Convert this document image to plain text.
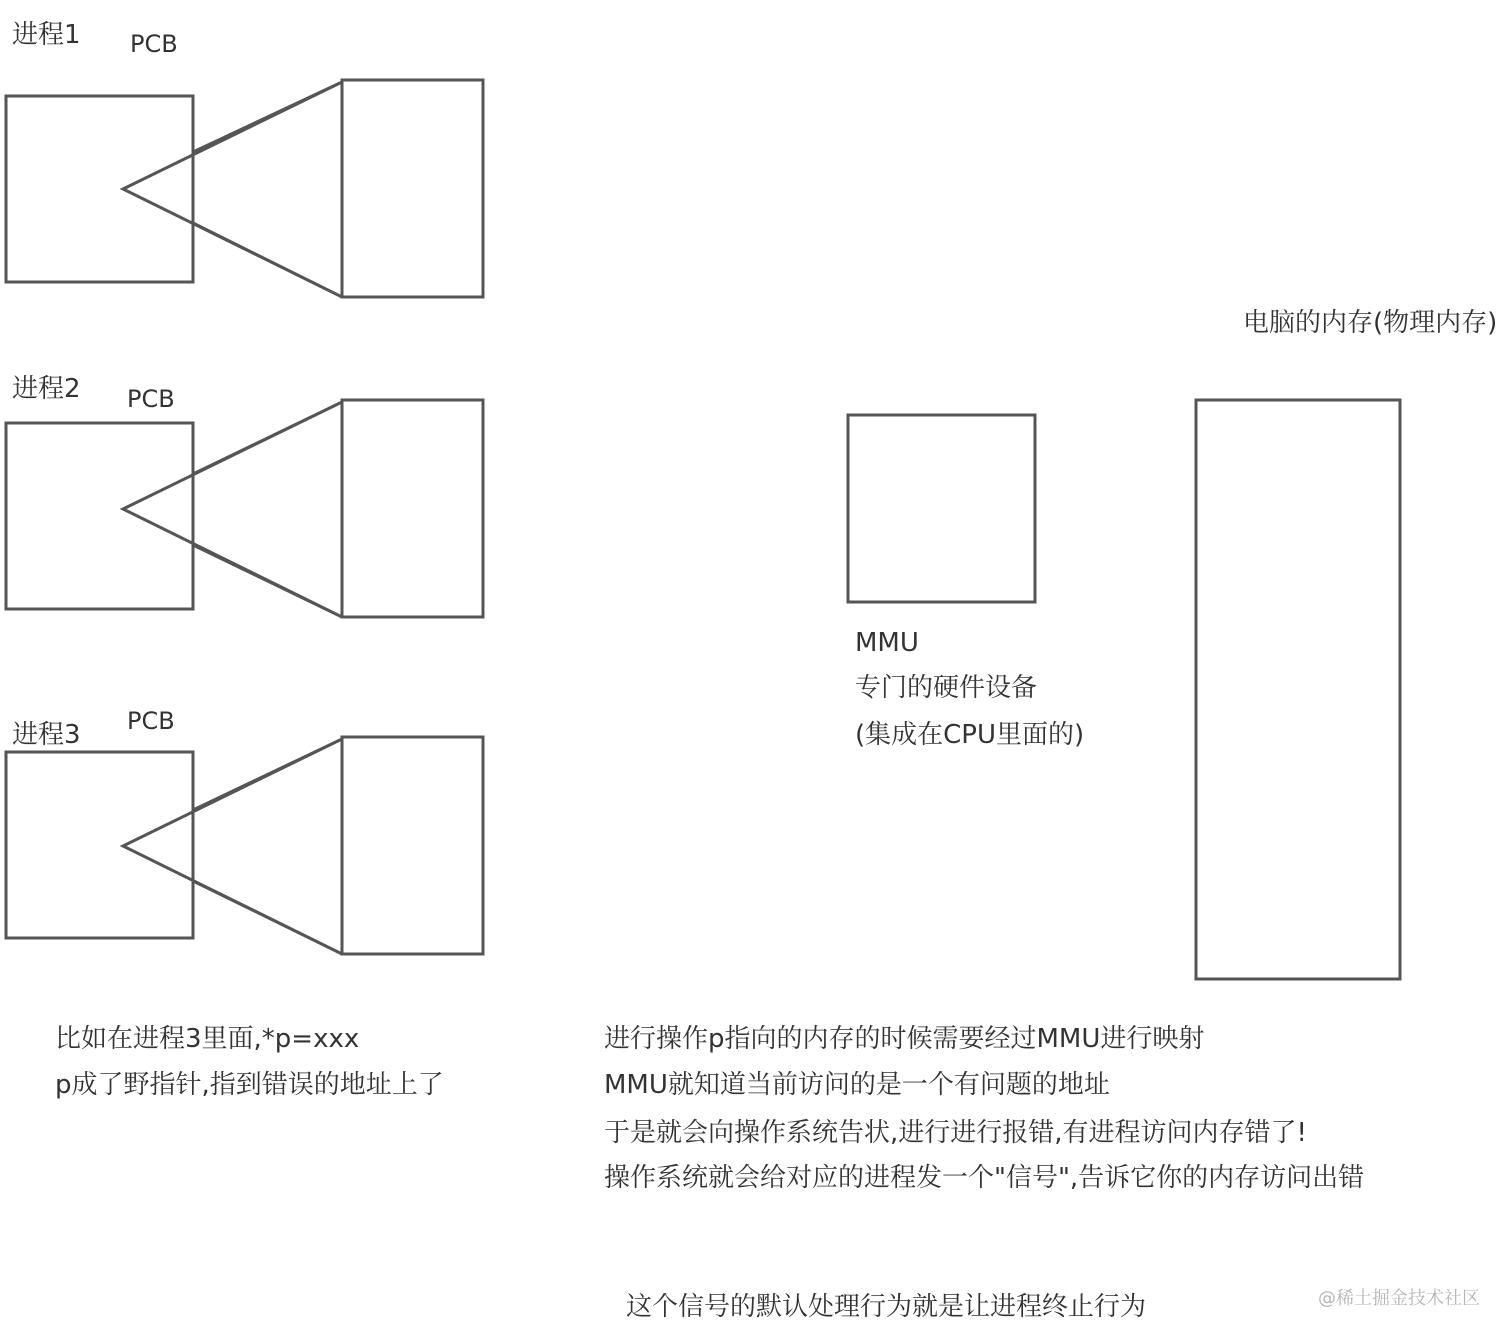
进程1 PCB
进程2 PCB
进程3 PCB
电脑的内存(物理内存)
MMU
专门的硬件设备
(集成在CPU里面的)
比如在进程3里面,*p=xxx
p成了野指针,指到错误的地址上了
进行操作p指向的内存的时候需要经过MMU进行映射
MMU就知道当前访问的是一个有问题的地址
于是就会向操作系统告状,进行进行报错,有进程访问内存错了!
操作系统就会给对应的进程发一个"信号",告诉它你的内存访问出错
这个信号的默认处理行为就是让进程终止行为	@稀土掘金技术社区
